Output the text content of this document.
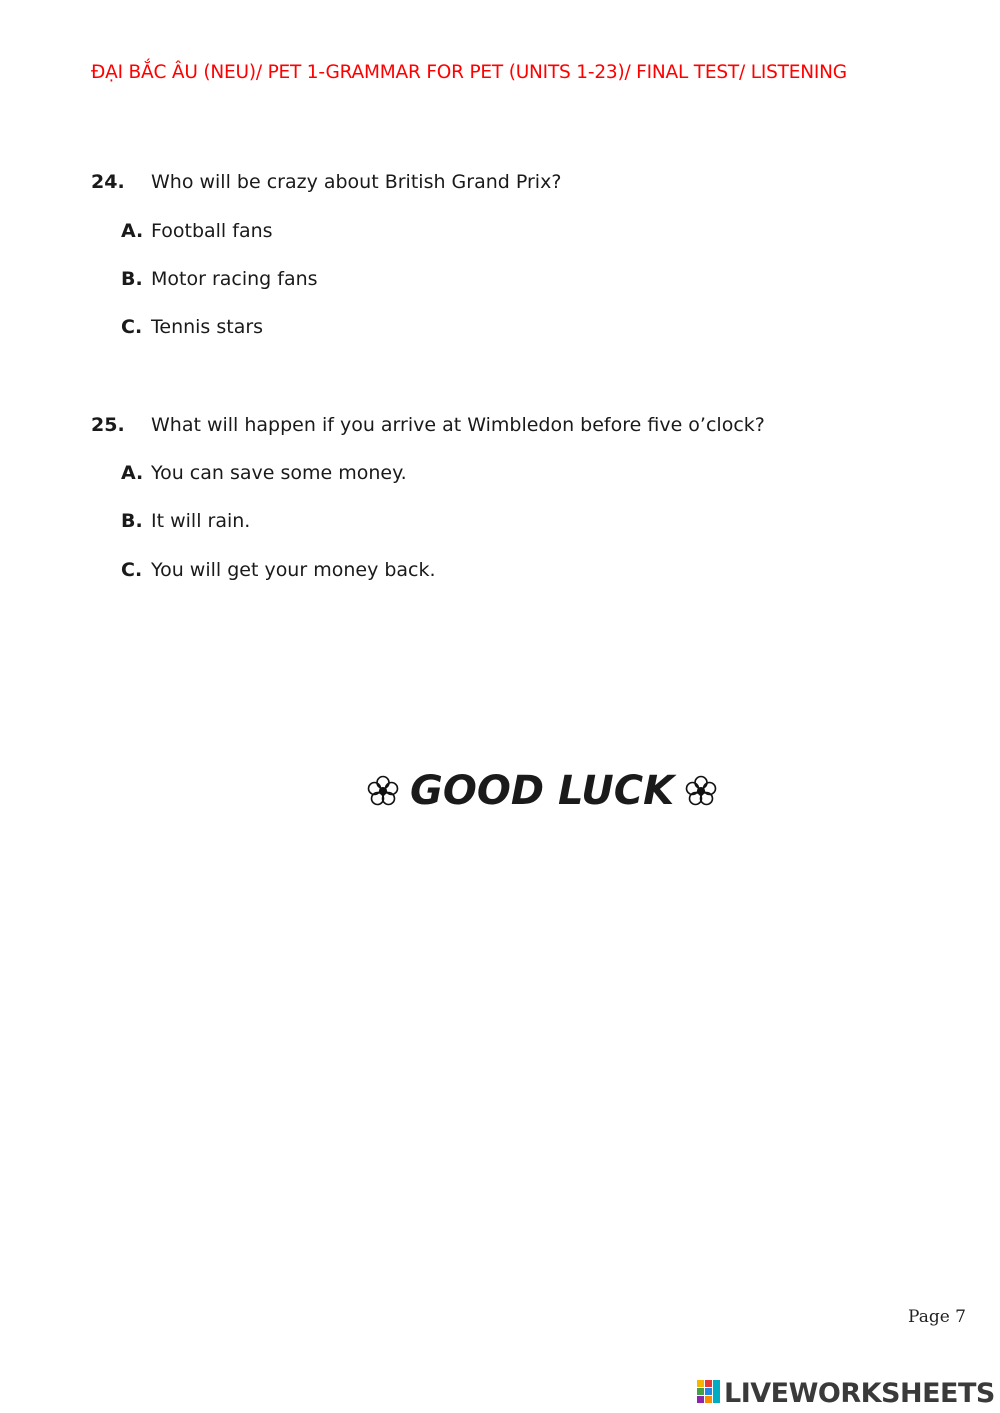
ĐẠI BẮC ÂU (NEU)/ PET 1-GRAMMAR FOR PET (UNITS 1-23)/ FINAL TEST/ LISTENING
24. Who will be crazy about British Grand Prix?
A. Football fans
B. Motor racing fans
C. Tennis stars
25. What will happen if you arrive at Wimbledon before five o’clock?
A. You can save some money.
B. It will rain.
C. You will get your money back.
GOOD LUCK
Page 7
LIVEWORKSHEETS
